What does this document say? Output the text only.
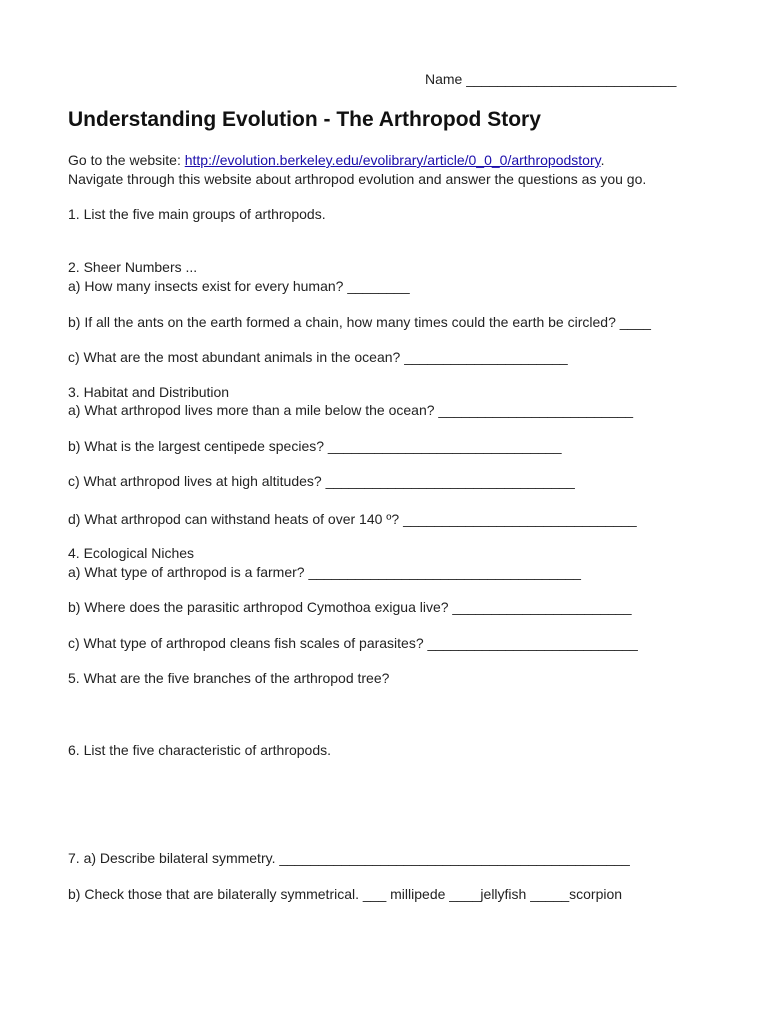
Name ___________________________
Understanding Evolution - The Arthropod Story
Go to the website: http://evolution.berkeley.edu/evolibrary/article/0_0_0/arthropodstory.
Navigate through this website about arthropod evolution and answer the questions as you go.
1. List the five main groups of arthropods.
2. Sheer Numbers ...
a) How many insects exist for every human? ________
b) If all the ants on the earth formed a chain, how many times could the earth be circled? ____
c) What are the most abundant animals in the ocean? _____________________
3. Habitat and Distribution
a) What arthropod lives more than a mile below the ocean? _________________________
b) What is the largest centipede species? ______________________________
c) What arthropod lives at high altitudes? ________________________________
d) What arthropod can withstand heats of over 140 º? ______________________________
4. Ecological Niches
a) What type of arthropod is a farmer? ___________________________________
b) Where does the parasitic arthropod Cymothoa exigua live? _______________________
c) What type of arthropod cleans fish scales of parasites? ___________________________
5. What are the five branches of the arthropod tree?
6. List the five characteristic of arthropods.
7. a) Describe bilateral symmetry. _____________________________________________
b) Check those that are bilaterally symmetrical. ___ millipede ____jellyfish _____scorpion
